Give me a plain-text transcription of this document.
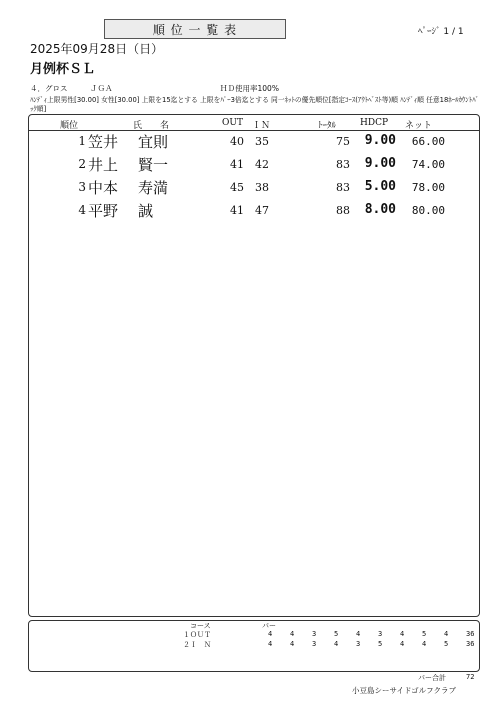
順 位 一 覧 表	ﾍﾟｰｼﾞ 1 / 1
2025年09月28日（日）
月例杯ＳＬ
４．グロス　　　ＪＧＡ	ＨＤ使用率100%
ﾊﾝﾃﾞｨ上限男性[30.00] 女性[30.00] 上限を15迄とする 上限をﾊﾟｰ3倍迄とする 同一ﾈｯﾄの優先順位[指定ｺｰｽ(ｱｳﾄﾍﾞｽﾄ等)順 ﾊﾝﾃﾞｨ順 任意18ﾎｰﾙｶｳﾝﾄﾊﾞｯｸ順]
順位	氏　　名	OUT ＩＮ	ﾄｰﾀﾙ	HDCP ネット
1 笠井 宜則	40	35	75 9.00	66.00
2 井上 賢一	41	42	83 9.00	74.00
3 中本 寿満	45	38	83 5.00	78.00
4 平野 誠	41	47	88 8.00	80.00
コース	パー
１ＯＵＴ	4	4	3	5	4	3	4	5	4	36
２Ｉ　Ｎ	4	4	3	4	3	5	4	4	5	36
パー合計	72
小豆島シーサイドゴルフクラブ
